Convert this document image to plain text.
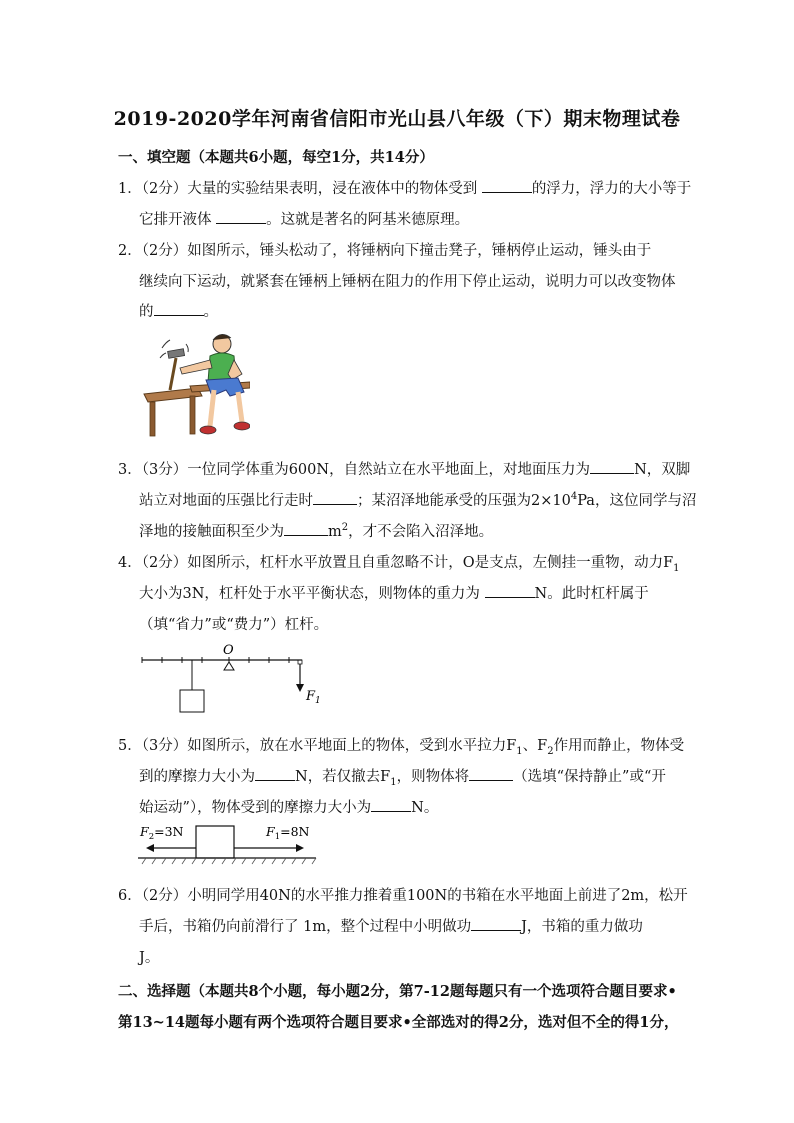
2019-2020学年河南省信阳市光山县八年级（下）期末物理试卷
一、填空题（本题共6小题，每空1分，共14分）
1．（2分）大量的实验结果表明，浸在液体中的物体受到	的浮力，浮力的大小等于
它排开液体	。这就是著名的阿基米德原理。
2．（2分）如图所示，锤头松动了，将锤柄向下撞击凳子，锤柄停止运动，锤头由于
继续向下运动，就紧套在锤柄上锤柄在阻力的作用下停止运动，说明力可以改变物体
的	。
3．（3分）一位同学体重为600N，自然站立在水平地面上，对地面压力为	N，双脚
站立对地面的压强比行走时	；某沼泽地能承受的压强为$2\times 10^4Pa$，这位同学与沼
泽地的接触面积至少为	$m^2$，才不会陷入沼泽地。
4．（2分）如图所示，杠杆水平放置且自重忽略不计，O是支点，左侧挂一重物，动力$F_1$
大小为3N，杠杆处于水平平衡状态，则物体的重力为	N。此时杠杆属于
（填“省力”或“费力”）杠杆。
O
$F_1$
5．（3分）如图所示，放在水平地面上的物体，受到水平拉力$F_1$、$F_2$作用而静止，物体受
到的摩擦力大小为	N，若仅撤去$F_1$，则物体将	（选填“保持静止”或“开
始运动”），物体受到的摩擦力大小为	N。
$F_2=3N$	$F_1=8N$
6．（2分）小明同学用40N的水平推力推着重100N的书箱在水平地面上前进了2m，松开
手后，书箱仍向前滑行了 1m，整个过程中小明做功	J，书箱的重力做功
J。
二、选择题（本题共8个小题，每小题2分，第7-12题每题只有一个选项符合题目要求•
第13~14题每小题有两个选项符合题目要求•全部选对的得2分，选对但不全的得1分，
